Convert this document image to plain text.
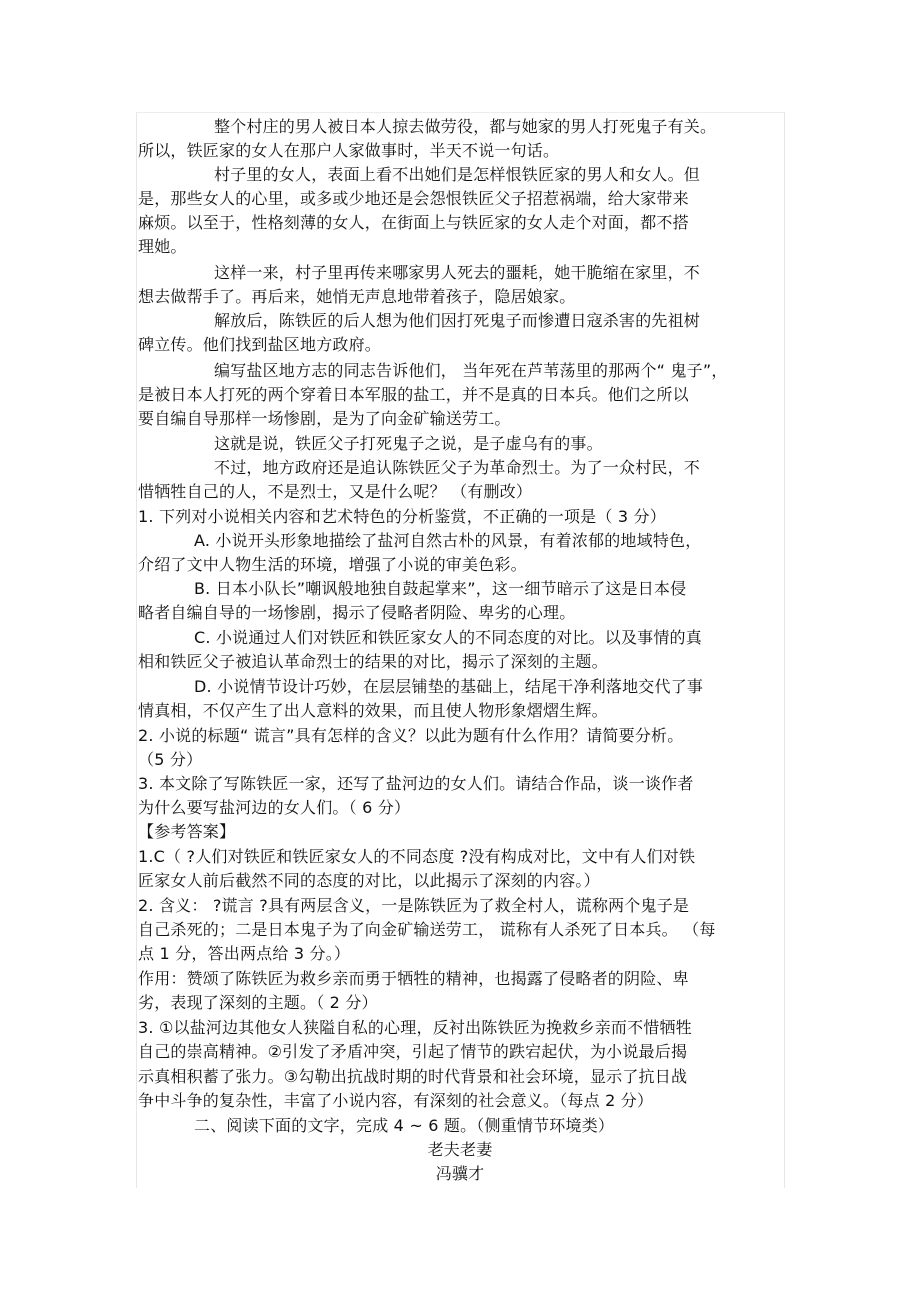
整个村庄的男人被日本人掠去做劳役，都与她家的男人打死鬼子有关。
所以，铁匠家的女人在那户人家做事时，半天不说一句话。
村子里的女人，表面上看不出她们是怎样恨铁匠家的男人和女人。但
是，那些女人的心里，或多或少地还是会怨恨铁匠父子招惹祸端，给大家带来
麻烦。以至于，性格刻薄的女人，在街面上与铁匠家的女人走个对面，都不搭
理她。
这样一来，村子里再传来哪家男人死去的噩耗，她干脆缩在家里，不
想去做帮手了。再后来，她悄无声息地带着孩子，隐居娘家。
解放后，陈铁匠的后人想为他们因打死鬼子而惨遭日寇杀害的先祖树
碑立传。他们找到盐区地方政府。
编写盐区地方志的同志告诉他们， 当年死在芦苇荡里的那两个“ 鬼子”，
是被日本人打死的两个穿着日本军服的盐工，并不是真的日本兵。他们之所以
要自编自导那样一场惨剧，是为了向金矿输送劳工。
这就是说，铁匠父子打死鬼子之说，是子虚乌有的事。
不过，地方政府还是追认陈铁匠父子为革命烈士。为了一众村民，不
惜牺牲自己的人，不是烈士，又是什么呢？ （有删改）
1. 下列对小说相关内容和艺术特色的分析鉴赏，不正确的一项是（ 3 分）
A. 小说开头形象地描绘了盐河自然古朴的风景，有着浓郁的地域特色，
介绍了文中人物生活的环境，增强了小说的审美色彩。
B. 日本小队长”嘲讽般地独自鼓起掌来”，这一细节暗示了这是日本侵
略者自编自导的一场惨剧，揭示了侵略者阴险、卑劣的心理。
C. 小说通过人们对铁匠和铁匠家女人的不同态度的对比。以及事情的真
相和铁匠父子被追认革命烈士的结果的对比，揭示了深刻的主题。
D. 小说情节设计巧妙，在层层铺垫的基础上，结尾干净利落地交代了事
情真相，不仅产生了出人意料的效果，而且使人物形象熠熠生辉。
2. 小说的标题“ 谎言”具有怎样的含义？以此为题有什么作用？请简要分析。
（5 分）
3. 本文除了写陈铁匠一家，还写了盐河边的女人们。请结合作品，谈一谈作者
为什么要写盐河边的女人们。（ 6 分）
【参考答案】
1.C（ ?人们对铁匠和铁匠家女人的不同态度 ?没有构成对比，文中有人们对铁
匠家女人前后截然不同的态度的对比，以此揭示了深刻的内容。）
2. 含义： ?谎言 ?具有两层含义，一是陈铁匠为了救全村人，谎称两个鬼子是
自己杀死的；二是日本鬼子为了向金矿输送劳工， 谎称有人杀死了日本兵。 （每
点 1 分，答出两点给 3 分。）
作用：赞颂了陈铁匠为救乡亲而勇于牺牲的精神，也揭露了侵略者的阴险、卑
劣，表现了深刻的主题。（ 2 分）
3. ①以盐河边其他女人狭隘自私的心理，反衬出陈铁匠为挽救乡亲而不惜牺牲
自己的崇高精神。②引发了矛盾冲突，引起了情节的跌宕起伏，为小说最后揭
示真相积蓄了张力。③勾勒出抗战时期的时代背景和社会环境，显示了抗日战
争中斗争的复杂性，丰富了小说内容，有深刻的社会意义。（每点 2 分）
二、阅读下面的文字，完成 4 ~ 6 题。（侧重情节环境类）
老夫老妻
冯骥才
